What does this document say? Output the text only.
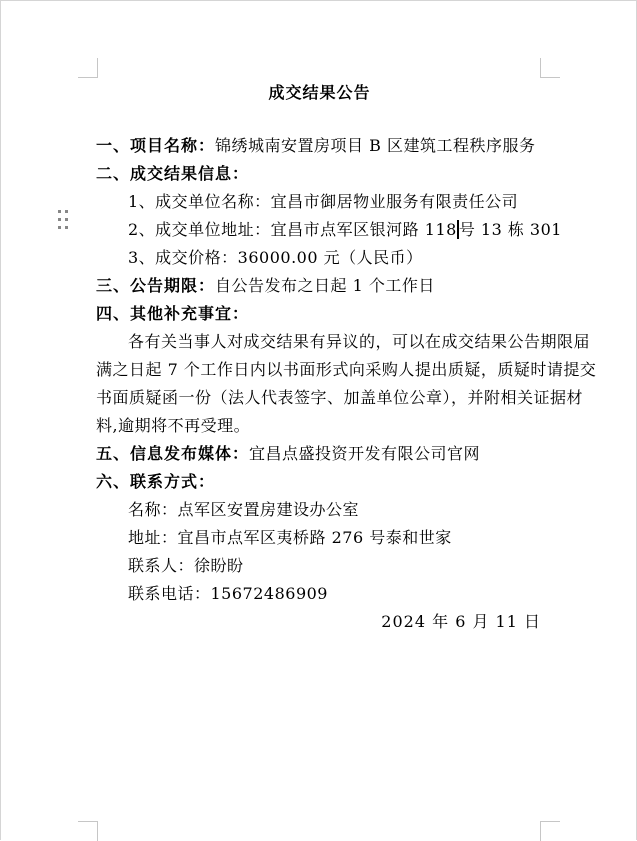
成交结果公告
一、项目名称：锦绣城南安置房项目 B 区建筑工程秩序服务
二、成交结果信息：
1、成交单位名称：宜昌市御居物业服务有限责任公司
2、成交单位地址：宜昌市点军区银河路 118 号 13 栋 301
3、成交价格：36000.00 元（人民币）
三、公告期限：自公告发布之日起 1 个工作日
四、其他补充事宜：
各有关当事人对成交结果有异议的，可以在成交结果公告期限届
满之日起 7 个工作日内以书面形式向采购人提出质疑，质疑时请提交
书面质疑函一份（法人代表签字、加盖单位公章），并附相关证据材
料,逾期将不再受理。
五、信息发布媒体：宜昌点盛投资开发有限公司官网
六、联系方式：
名称：点军区安置房建设办公室
地址：宜昌市点军区夷桥路 276 号泰和世家
联系人：徐盼盼
联系电话：15672486909
2024 年 6 月 11 日
